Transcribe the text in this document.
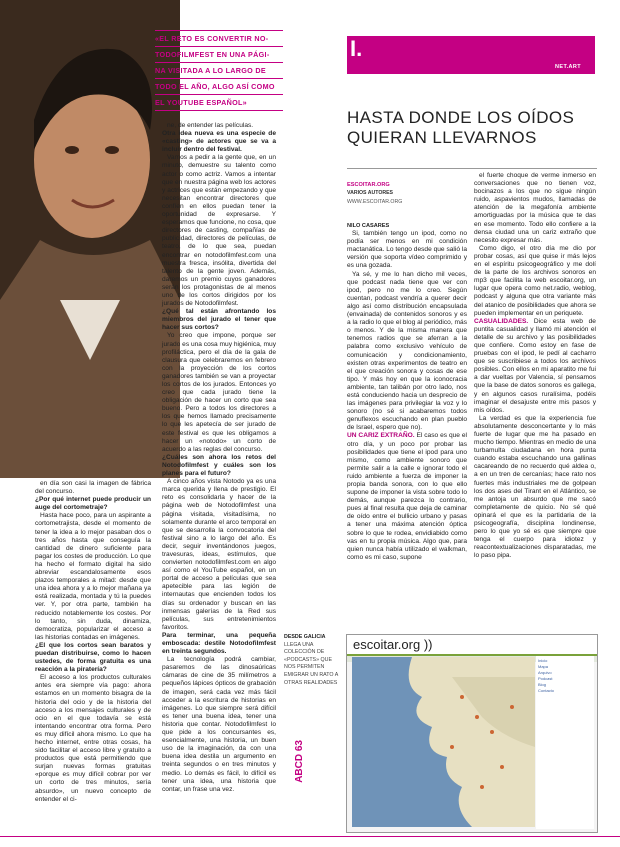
«EL RETO ES CONVERTIR NO-
TODOFILMFEST EN UNA PÁGI-
NA VISITADA A LO LARGO DE
TODO EL AÑO, ALGO ASÍ COMO
EL YOUTUBE ESPAÑOL»

en día son casi la imagen de fábrica del concurso.

¿Por qué internet puede producir un auge del cortometraje?

Hasta hace poco, para un aspirante a cortometrajista, desde el momento de tener la idea a lo mejor pasaban dos o tres años hasta que conseguía la cantidad de dinero suficiente para pagar los costes de producción. Lo que ha hecho el formato digital ha sido abreviar escandalosamente esos plazos temporales a mitad: desde que una idea ahora y a lo mejor mañana ya está realizada, montada y tú la puedes ver. Y, por otra parte, también ha reducido notablemente los costes. Por lo tanto, sin duda, dinamiza, democratiza, popularizar el acceso a las historias contadas en imágenes.

¿El que los cortos sean baratos y puedan distribuirse, como lo hacen ustedes, de forma gratuita es una reacción a la piratería?

El acceso a los productos culturales antes era siempre vía pago: ahora estamos en un momento bisagra de la historia del ocio y de la historia del acceso a los mensajes culturales y de ocio en el que todavía se está intentando encontrar otra forma. Pero es muy difícil ahora mismo. Lo que ha hecho internet, entre otras cosas, ha sido facilitar el acceso libre y gratuito a productos que está permitiendo que surjan nuevas formas gratuitas «porque es muy difícil cobrar por ver un corto de tres minutos, sería absurdo», un nuevo concepto de entender el ci-

ne, de entender las películas.

Otra idea nueva es una especie de «casting» de actores que se va a incluir dentro del festival.

Vamos a pedir a la gente que, en un minuto, demuestre su talento como actor o como actriz. Vamos a intentar que en nuestra página web los actores y actrices que están empezando y que necesitan encontrar directores que confíen en ellos puedan tener la oportunidad de expresarse. Y esperamos que funcione, no cosa, que directores de casting, compañías de publicidad, directores de películas, de teatro, de lo que sea, puedan encontrar en notodofilmfest.com una muestra fresca, insólita, divertida del talento de la gente joven. Además, daremos un premio cuyos ganadores serán los protagonistas de al menos uno de los cortos dirigidos por los jurados de Notodofilmfest.

¿Qué tal están afrontando los miembros del jurado el tener que hacer sus cortos?

Yo creo que impone, porque ser jurado es una cosa muy higiénica, muy profiláctica, pero el día de la gala de clausura que celebraremos en febrero con la proyección de los cortos ganadores también se van a proyectar los cortos de los jurados. Entonces yo creo que cada jurado tiene la obligación de hacer un corto que sea bueno. Pero a todos los directores a los que hemos llamado precisamente lo que les apetecía de ser jurado de este festival es que les obligamos a hacer un «notodo» un corto de acuerdo a las reglas del concurso.

¿Cuáles son ahora los retos del Notodofilmfest y cuáles son los planes para el futuro?

A cinco años vista Notodo ya es una marca querida y llena de prestigio. El reto es consolidarla y hacer de la página web de Notodofilmfest una página visitada, visitadísima, no solamente durante el arco temporal en que se desarrolla la convocatoria del festival sino a lo largo del año. Es decir, seguir inventándonos juegos, travesuras, ideas, estímulos, que convierten notodofilmfest.com en algo así como el YouTube español, en un portal de acceso a películas que sea apetecible para las legión de internautas que encienden todos los días su ordenador y buscan en las inmensas galerías de la Red sus películas, sus entretenimientos favoritos.

Para terminar, una pequeña emboscada: destile Notodofilmfest en treinta segundos.

La tecnología podrá cambiar, pasaremos de las dinosaúricas cámaras de cine de 35 milímetros a pequeños lápices ópticos de grabación de imagen, será cada vez más fácil acceder a la escritura de historias en imágenes. Lo que siempre será difícil es tener una buena idea, tener una historia que contar. Notodofilmfest lo que pide a los concursantes es, esencialmente, una historia, un buen uso de la imaginación, da con una buena idea destila un argumento en treinta segundos o en tres minutos y medio. Lo demás es fácil, lo difícil es tener una idea, una historia que contar, un frase una vez.

I.
NET.ART
HASTA DONDE LOS OÍDOS
QUIERAN LLEVARNOS
ESCOITAR.ORG
VARIOS AUTORES
WWW.ESCOITAR.ORG

NILO CASARES

Si, también tengo un ipod, como no podía ser menos en mi condición mactanática. Lo tengo desde que salió la versión que soporta vídeo comprimido y es una gozada.

Ya sé, y me lo han dicho mil veces, que podcast nada tiene que ver con ipod, pero no me lo creo. Según cuentan, podcast vendría a querer decir algo así como distribución encapsulada (envainada) de contenidos sonoros y es a la radio lo que el blog al periódico, más o menos. Y de la misma manera que tenemos radios que se aferran a la palabra como exclusivo vehículo de comunicación y condicionamiento, existen otras experimentos de teatro en el que creación sonora y cosas de ese tipo. Y más hoy en que la iconocracia ambiente, tan talibán por otro lado, nos está conduciendo hacia un desprecio de las imágenes para privilegiar la voz y lo sonoro (no sé si acabaremos todos genuflexos escuchando en plan pueblo de Israel, espero que no).

UN CARIZ EXTRAÑO. El caso es que el otro día, y un poco por probar las posibilidades que tiene el ipod para uno mismo, como ambiente sonoro que permite salir a la calle e ignorar todo el ruido ambiente a fuerza de imponer la propia banda sonora, con lo que ello supone de imponer la vista sobre todo lo demás, aunque parezca lo contrario, pues al final resulta que deja de caminar de oído entre el bullicio urbano y pasas a tener una máxima atención óptica sobre lo que te rodea, envidiabido como vas en tu propia música. Algo que, para quien nunca había utilizado el walkman, como es mi caso, supone

el fuerte choque de verme inmerso en conversaciones que no tienen voz, bocinazos a los que no sigue ningún ruido, aspavientos mudos, llamadas de atención de la megafonía ambiente amortiguadas por la música que te das en ese momento. Todo ello confiere a la densa ciudad una un cariz extraño que necesito expresar más.

Como digo, el otro día me dio por probar cosas, así que quise ir más lejos en el espíritu psicogeográfico y me dolí de la parte de los archivos sonoros en mp3 que facilita la web escoitar.org, un lugar que opera como net.radio, weblog, podcast y alguna que otra variante más del atanico de posibilidades que ahora se pueden implementar en un periquete.

CASUALIDADES. Dice esta web de puntita casualidad y llamó mi atención el detalle de su archivo y las posibilidades que confiere. Como estoy en fase de pruebas con el ipod, le pedí al cacharro que se suscribiese a todos los archivos posibles. Con ellos en mi aparatito me fui a dar vueltas por Valencia, sí pensamos que la base de datos sonoros es gallega, y en algunos casos ruralísima, podéis imaginar el desajuste entre mis pasos y mis oídos.

La verdad es que la experiencia fue absolutamente desconcertante y lo más fuerte de lugar que me ha pasado en mucho tiempo. Mientras en medio de una turbamulta ciudadana en hora punta cuando estaba escuchando una gallinas cacareando de no recuerdo qué aldea o, a en un tren de cercanías; hace rato nos fuertes más industriales me de golpean los dos ases del Tirant en el Atlántico, se me antoja un absurdo que me sacó completamente de quicio. No sé qué opinará el que es la partidaria de la psicogeografía, disciplina londinense, pero lo que yo sé es que siempre que tenga el cuerpo para idiotez y reacontextualizaciones disparatadas, me lo paso pipa.

DESDE GALICIA
LLEGA UNA COLECCIÓN DE «PODCASTS» QUE NOS PERMITEN EMIGRAR UN RATO A OTRAS REALIDADES
ABCD 63
escoitar.org ))
Inicio
Mapa
Arquivo
Podcast
Blog
Contacto
